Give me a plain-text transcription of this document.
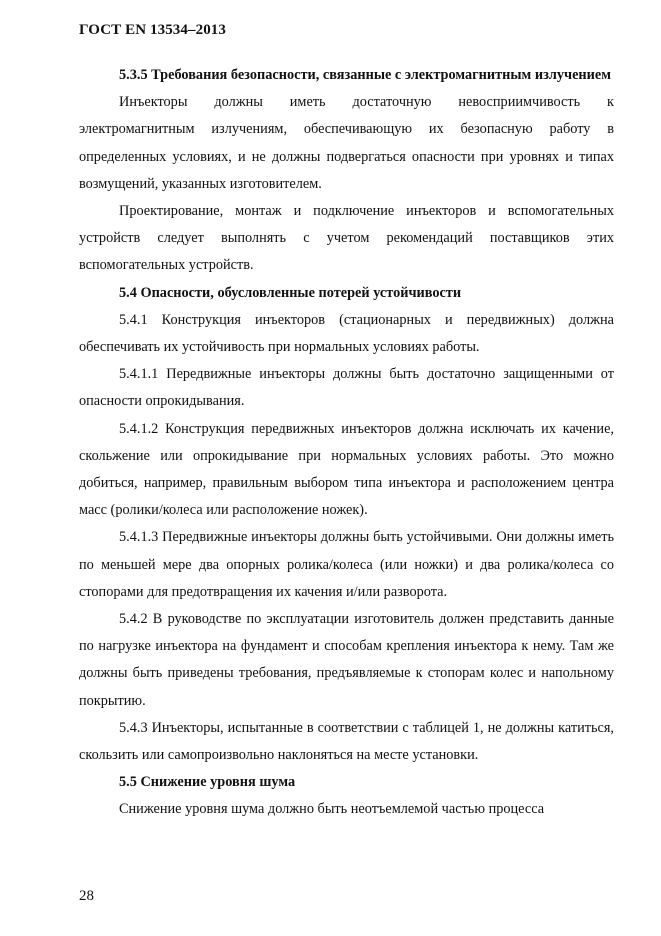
ГОСТ EN 13534–2013

5.3.5 Требования безопасности, связанные с электромагнитным излучением

Инъекторы должны иметь достаточную невосприимчивость к электромагнитным излучениям, обеспечивающую их безопасную работу в определенных условиях, и не должны подвергаться опасности при уровнях и типах возмущений, указанных изготовителем.

Проектирование, монтаж и подключение инъекторов и вспомогательных устройств следует выполнять с учетом рекомендаций поставщиков этих вспомогательных устройств.

5.4 Опасности, обусловленные потерей устойчивости

5.4.1 Конструкция инъекторов (стационарных и передвижных) должна обеспечивать их устойчивость при нормальных условиях работы.

5.4.1.1 Передвижные инъекторы должны быть достаточно защищенными от опасности опрокидывания.

5.4.1.2 Конструкция передвижных инъекторов должна исключать их качение, скольжение или опрокидывание при нормальных условиях работы. Это можно добиться, например, правильным выбором типа инъектора и расположением центра масс (ролики/колеса или расположение ножек).

5.4.1.3 Передвижные инъекторы должны быть устойчивыми. Они должны иметь по меньшей мере два опорных ролика/колеса (или ножки) и два ролика/колеса со стопорами для предотвращения их качения и/или разворота.

5.4.2 В руководстве по эксплуатации изготовитель должен представить данные по нагрузке инъектора на фундамент и способам крепления инъектора к нему. Там же должны быть приведены требования, предъявляемые к стопорам колес и напольному покрытию.

5.4.3 Инъекторы, испытанные в соответствии с таблицей 1, не должны катиться, скользить или самопроизвольно наклоняться на месте установки.

5.5 Снижение уровня шума

Снижение уровня шума должно быть неотъемлемой частью процесса

28
